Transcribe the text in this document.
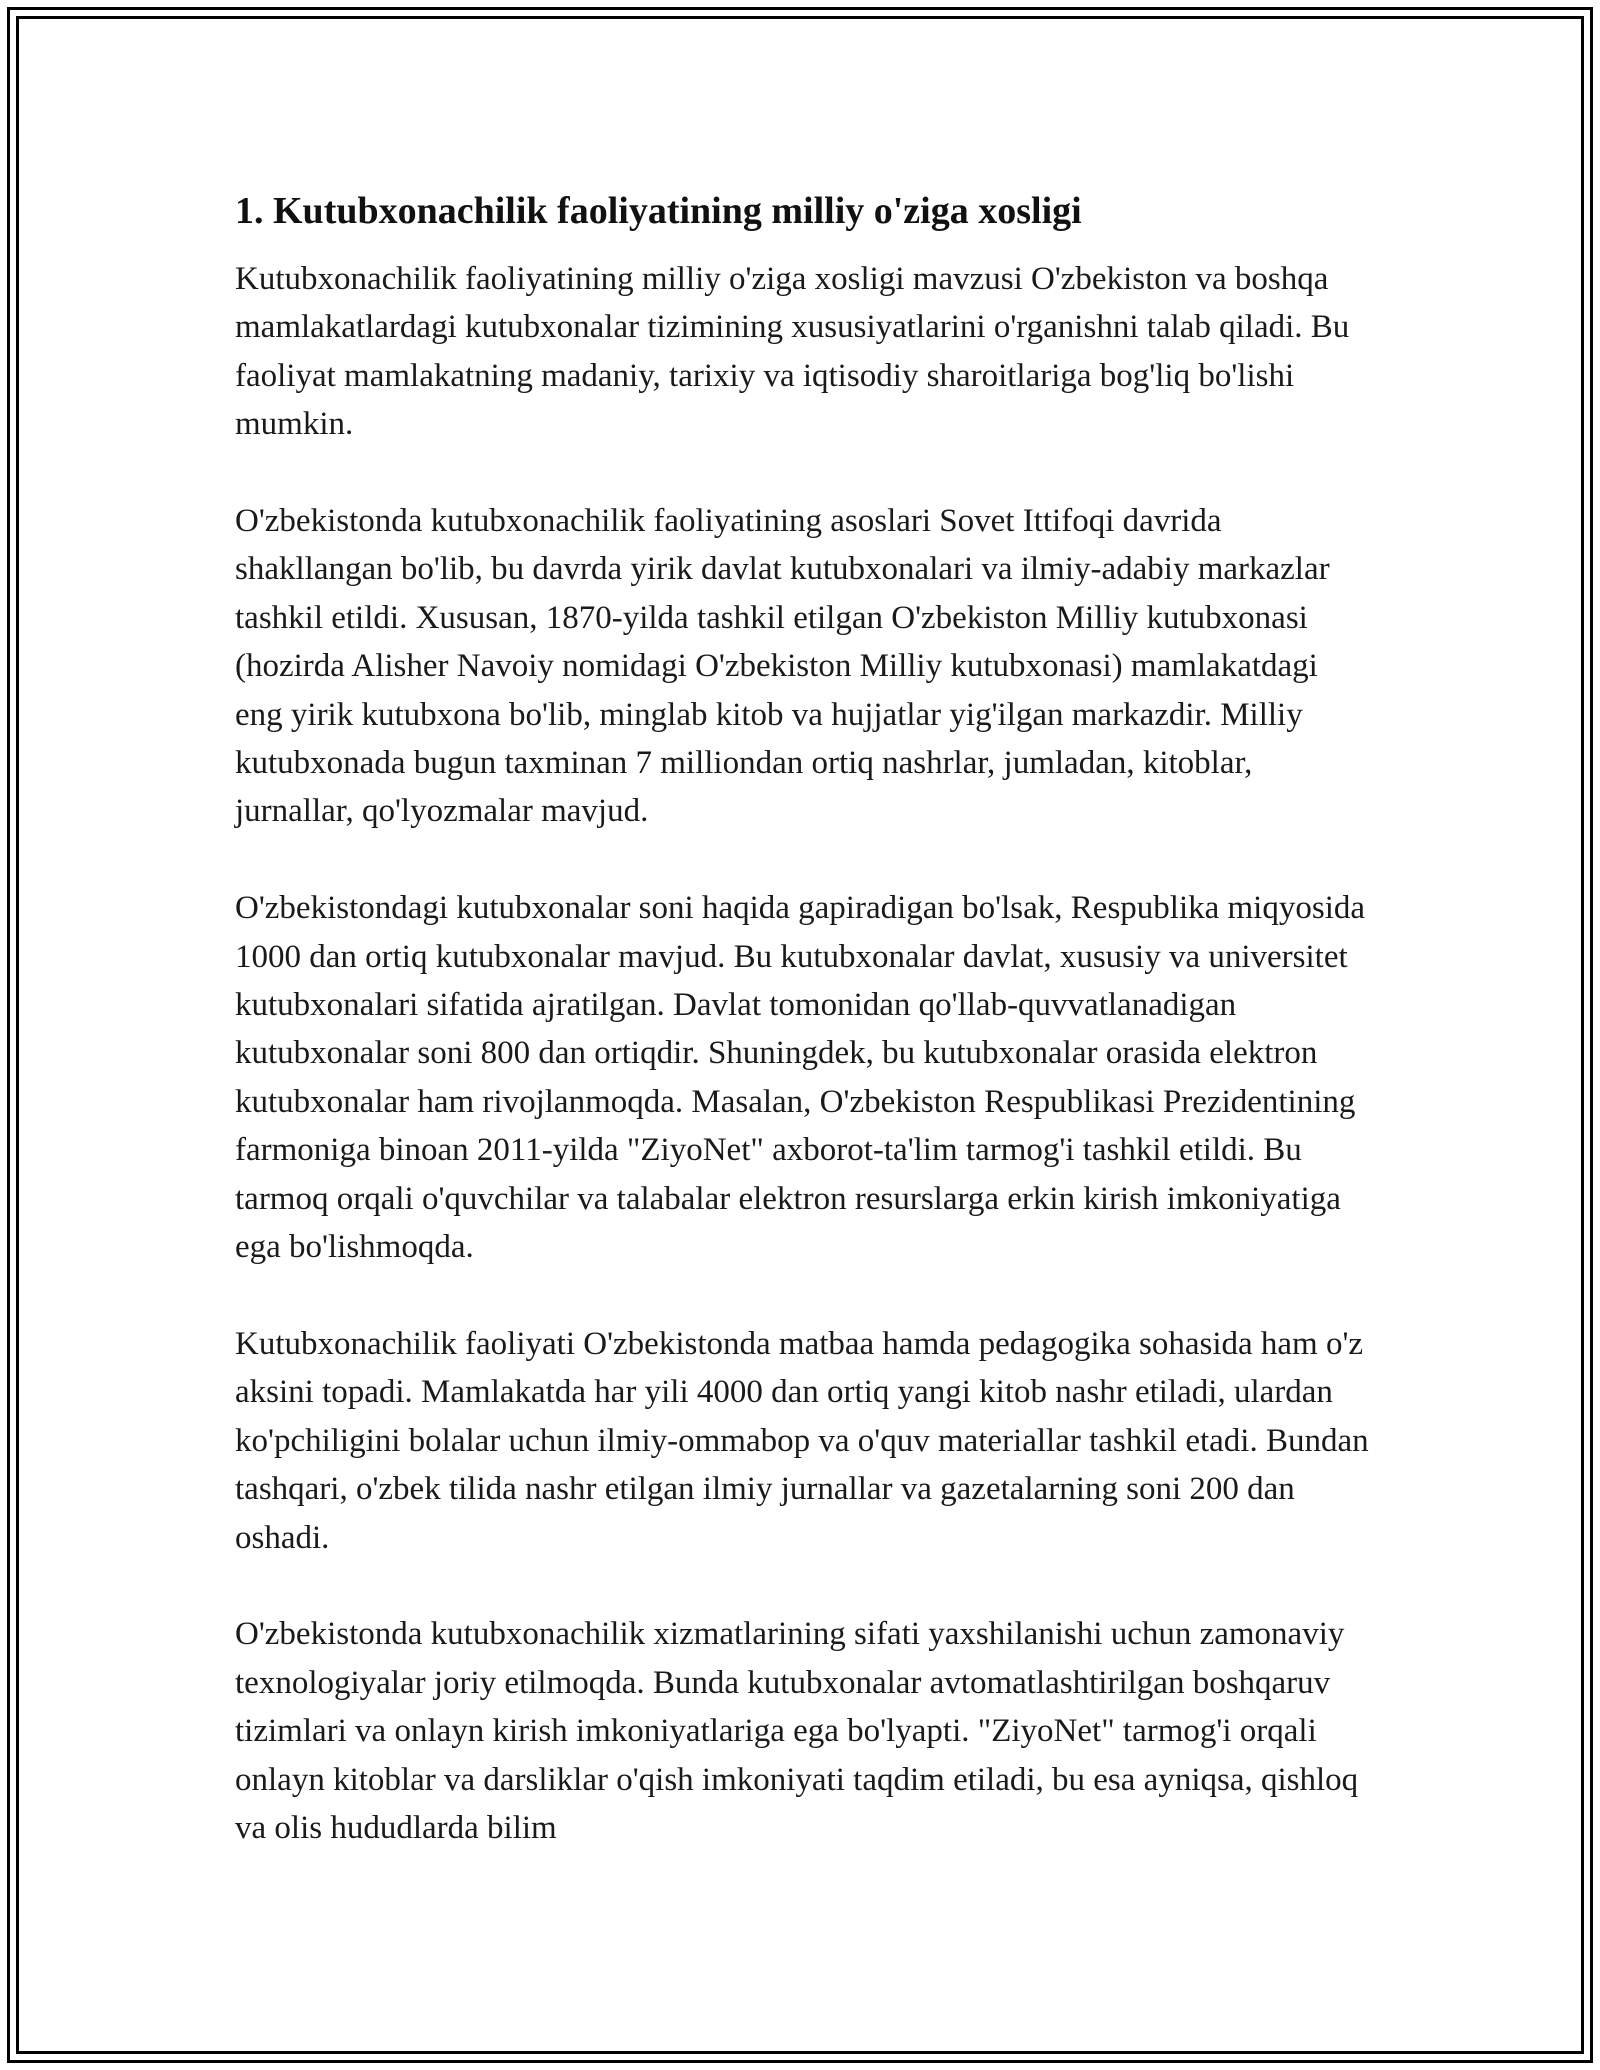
1. Kutubxonachilik faoliyatining milliy o'ziga xosligi

Kutubxonachilik faoliyatining milliy o'ziga xosligi mavzusi O'zbekiston va boshqa mamlakatlardagi kutubxonalar tizimining xususiyatlarini o'rganishni talab qiladi. Bu faoliyat mamlakatning madaniy, tarixiy va iqtisodiy sharoitlariga bog'liq bo'lishi mumkin.

O'zbekistonda kutubxonachilik faoliyatining asoslari Sovet Ittifoqi davrida shakllangan bo'lib, bu davrda yirik davlat kutubxonalari va ilmiy-adabiy markazlar tashkil etildi. Xususan, 1870-yilda tashkil etilgan O'zbekiston Milliy kutubxonasi (hozirda Alisher Navoiy nomidagi O'zbekiston Milliy kutubxonasi) mamlakatdagi eng yirik kutubxona bo'lib, minglab kitob va hujjatlar yig'ilgan markazdir. Milliy kutubxonada bugun taxminan 7 milliondan ortiq nashrlar, jumladan, kitoblar, jurnallar, qo'lyozmalar mavjud.

O'zbekistondagi kutubxonalar soni haqida gapiradigan bo'lsak, Respublika miqyosida 1000 dan ortiq kutubxonalar mavjud. Bu kutubxonalar davlat, xususiy va universitet kutubxonalari sifatida ajratilgan. Davlat tomonidan qo'llab-quvvatlanadigan kutubxonalar soni 800 dan ortiqdir. Shuningdek, bu kutubxonalar orasida elektron kutubxonalar ham rivojlanmoqda. Masalan, O'zbekiston Respublikasi Prezidentining farmoniga binoan 2011-yilda "ZiyoNet" axborot-ta'lim tarmog'i tashkil etildi. Bu tarmoq orqali o'quvchilar va talabalar elektron resurslarga erkin kirish imkoniyatiga ega bo'lishmoqda.

Kutubxonachilik faoliyati O'zbekistonda matbaa hamda pedagogika sohasida ham o'z aksini topadi. Mamlakatda har yili 4000 dan ortiq yangi kitob nashr etiladi, ulardan ko'pchiligini bolalar uchun ilmiy-ommabop va o'quv materiallar tashkil etadi. Bundan tashqari, o'zbek tilida nashr etilgan ilmiy jurnallar va gazetalarning soni 200 dan oshadi.

O'zbekistonda kutubxonachilik xizmatlarining sifati yaxshilanishi uchun zamonaviy texnologiyalar joriy etilmoqda. Bunda kutubxonalar avtomatlashtirilgan boshqaruv tizimlari va onlayn kirish imkoniyatlariga ega bo'lyapti. "ZiyoNet" tarmog'i orqali onlayn kitoblar va darsliklar o'qish imkoniyati taqdim etiladi, bu esa ayniqsa, qishloq va olis hududlarda bilim
